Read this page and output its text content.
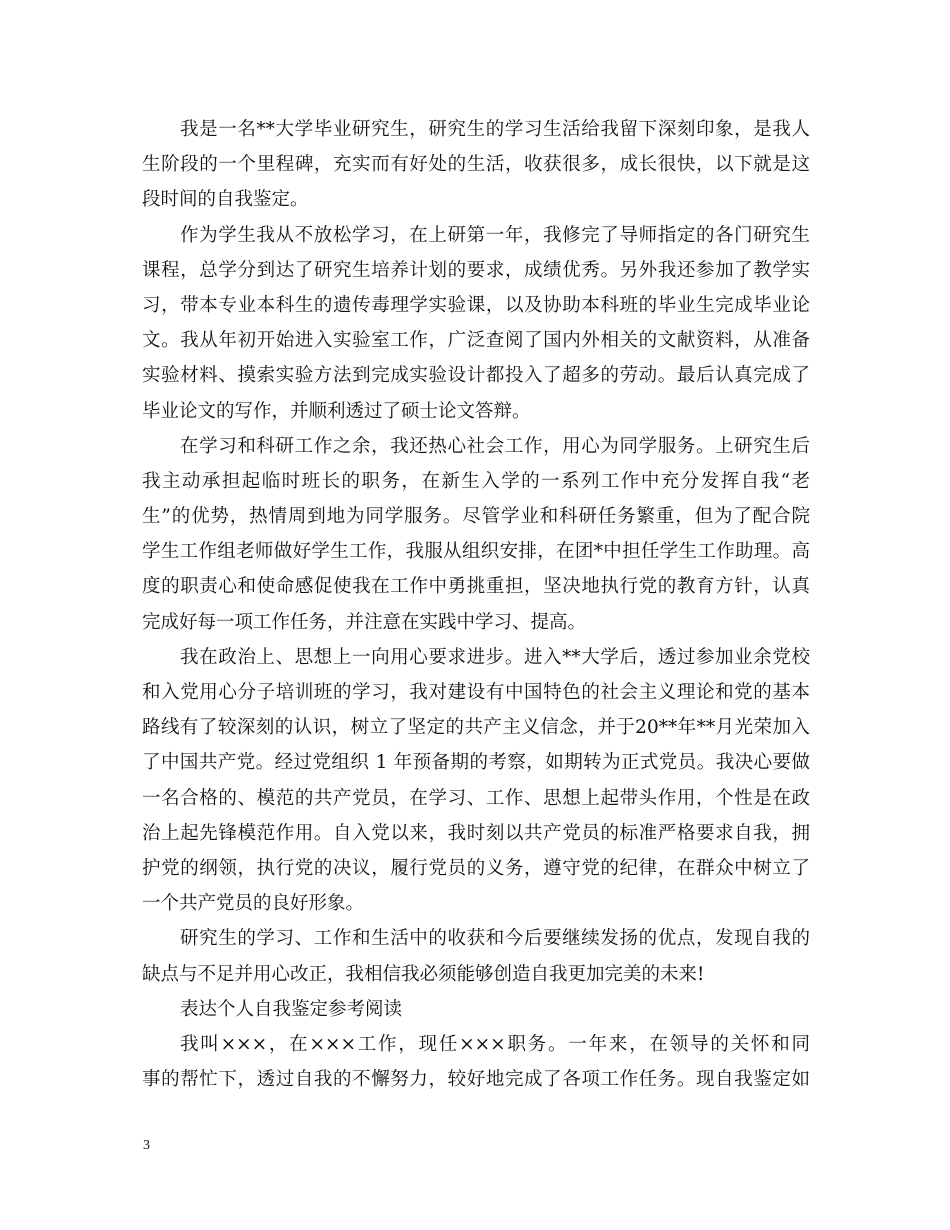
我是一名**大学毕业研究生，研究生的学习生活给我留下深刻印象，是我人
生阶段的一个里程碑，充实而有好处的生活，收获很多，成长很快，以下就是这
段时间的自我鉴定。
作为学生我从不放松学习，在上研第一年，我修完了导师指定的各门研究生
课程，总学分到达了研究生培养计划的要求，成绩优秀。另外我还参加了教学实
习，带本专业本科生的遗传毒理学实验课，以及协助本科班的毕业生完成毕业论
文。我从年初开始进入实验室工作，广泛查阅了国内外相关的文献资料，从准备
实验材料、摸索实验方法到完成实验设计都投入了超多的劳动。最后认真完成了
毕业论文的写作，并顺利透过了硕士论文答辩。
在学习和科研工作之余，我还热心社会工作，用心为同学服务。上研究生后
我主动承担起临时班长的职务，在新生入学的一系列工作中充分发挥自我“老
生”的优势，热情周到地为同学服务。尽管学业和科研任务繁重，但为了配合院
学生工作组老师做好学生工作，我服从组织安排，在团*中担任学生工作助理。高
度的职责心和使命感促使我在工作中勇挑重担，坚决地执行党的教育方针，认真
完成好每一项工作任务，并注意在实践中学习、提高。
我在政治上、思想上一向用心要求进步。进入**大学后，透过参加业余党校
和入党用心分子培训班的学习，我对建设有中国特色的社会主义理论和党的基本
路线有了较深刻的认识，树立了坚定的共产主义信念，并于20**年**月光荣加入
了中国共产党。经过党组织 1 年预备期的考察，如期转为正式党员。我决心要做
一名合格的、模范的共产党员，在学习、工作、思想上起带头作用，个性是在政
治上起先锋模范作用。自入党以来，我时刻以共产党员的标准严格要求自我，拥
护党的纲领，执行党的决议，履行党员的义务，遵守党的纪律，在群众中树立了
一个共产党员的良好形象。
研究生的学习、工作和生活中的收获和今后要继续发扬的优点，发现自我的
缺点与不足并用心改正，我相信我必须能够创造自我更加完美的未来!
表达个人自我鉴定参考阅读
我叫×××，在×××工作，现任×××职务。一年来，在领导的关怀和同
事的帮忙下，透过自我的不懈努力，较好地完成了各项工作任务。现自我鉴定如
3
